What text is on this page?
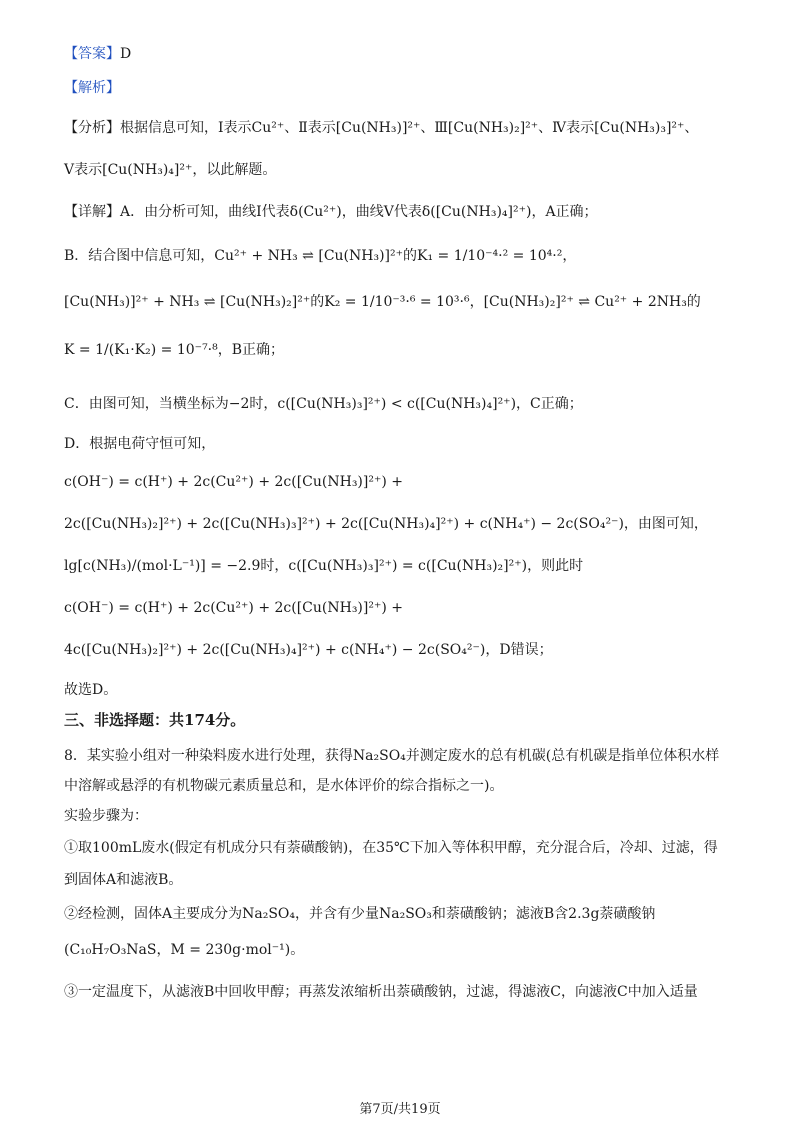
【答案】D
【解析】
【分析】根据信息可知，Ⅰ表示Cu²⁺、Ⅱ表示[Cu(NH₃)]²⁺、Ⅲ[Cu(NH₃)₂]²⁺、Ⅳ表示[Cu(NH₃)₃]²⁺、
Ⅴ表示[Cu(NH₃)₄]²⁺，以此解题。
【详解】A．由分析可知，曲线Ⅰ代表δ(Cu²⁺)，曲线Ⅴ代表δ([Cu(NH₃)₄]²⁺)，A正确；
B．结合图中信息可知，Cu²⁺ + NH₃ ⇌ [Cu(NH₃)]²⁺的K₁ = 1/10⁻⁴·² = 10⁴·²，
[Cu(NH₃)]²⁺ + NH₃ ⇌ [Cu(NH₃)₂]²⁺的K₂ = 1/10⁻³·⁶ = 10³·⁶，[Cu(NH₃)₂]²⁺ ⇌ Cu²⁺ + 2NH₃的
K = 1/(K₁·K₂) = 10⁻⁷·⁸，B正确；
C．由图可知，当横坐标为−2时，c([Cu(NH₃)₃]²⁺) < c([Cu(NH₃)₄]²⁺)，C正确；
D．根据电荷守恒可知，
c(OH⁻) = c(H⁺) + 2c(Cu²⁺) + 2c([Cu(NH₃)]²⁺) +
2c([Cu(NH₃)₂]²⁺) + 2c([Cu(NH₃)₃]²⁺) + 2c([Cu(NH₃)₄]²⁺) + c(NH₄⁺) − 2c(SO₄²⁻)，由图可知，
lg[c(NH₃)/(mol·L⁻¹)] = −2.9时，c([Cu(NH₃)₃]²⁺) = c([Cu(NH₃)₂]²⁺)，则此时
c(OH⁻) = c(H⁺) + 2c(Cu²⁺) + 2c([Cu(NH₃)]²⁺) +
4c([Cu(NH₃)₂]²⁺) + 2c([Cu(NH₃)₄]²⁺) + c(NH₄⁺) − 2c(SO₄²⁻)，D错误；
故选D。
三、非选择题：共174分。
8．某实验小组对一种染料废水进行处理，获得Na₂SO₄并测定废水的总有机碳(总有机碳是指单位体积水样
中溶解或悬浮的有机物碳元素质量总和，是水体评价的综合指标之一)。
实验步骤为：
①取100mL废水(假定有机成分只有萘磺酸钠)，在35℃下加入等体积甲醇，充分混合后，冷却、过滤，得
到固体A和滤液B。
②经检测，固体A主要成分为Na₂SO₄，并含有少量Na₂SO₃和萘磺酸钠；滤液B含2.3g萘磺酸钠
(C₁₀H₇O₃NaS，M = 230g·mol⁻¹)。
③一定温度下，从滤液B中回收甲醇；再蒸发浓缩析出萘磺酸钠，过滤，得滤液C，向滤液C中加入适量
第7页/共19页
